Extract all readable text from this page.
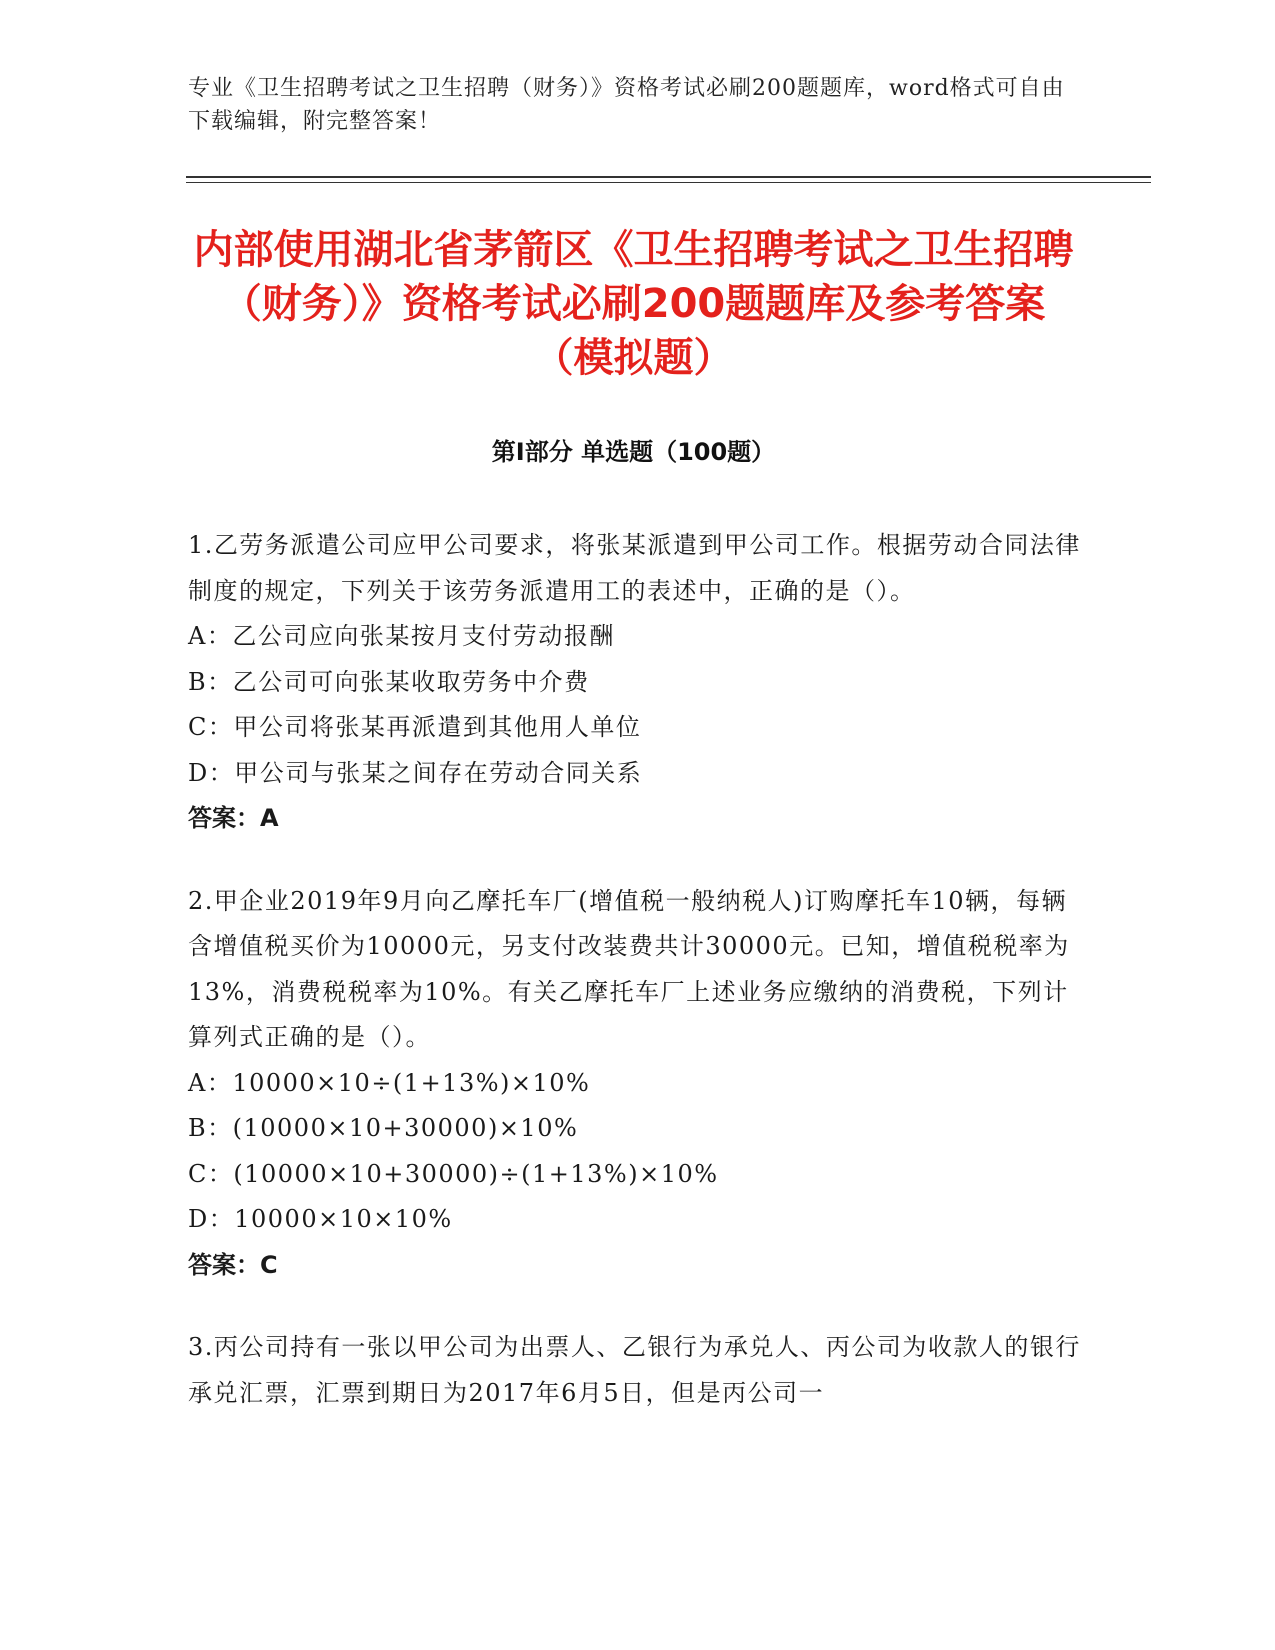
专业《卫生招聘考试之卫生招聘（财务）》资格考试必刷200题题库，word格式可自由下载编辑，附完整答案！
内部使用湖北省茅箭区《卫生招聘考试之卫生招聘（财务）》资格考试必刷200题题库及参考答案（模拟题）
第Ⅰ部分 单选题（100题）

1.乙劳务派遣公司应甲公司要求，将张某派遣到甲公司工作。根据劳动合同法律制度的规定，下列关于该劳务派遣用工的表述中，正确的是（）。

A：乙公司应向张某按月支付劳动报酬

B：乙公司可向张某收取劳务中介费

C：甲公司将张某再派遣到其他用人单位

D：甲公司与张某之间存在劳动合同关系

答案：A

2.甲企业2019年9月向乙摩托车厂(增值税一般纳税人)订购摩托车10辆，每辆含增值税买价为10000元，另支付改装费共计30000元。已知，增值税税率为13%，消费税税率为10%。有关乙摩托车厂上述业务应缴纳的消费税，下列计算列式正确的是（）。

A：10000×10÷(1+13%)×10%

B：(10000×10+30000)×10%

C：(10000×10+30000)÷(1+13%)×10%

D：10000×10×10%

答案：C

3.丙公司持有一张以甲公司为出票人、乙银行为承兑人、丙公司为收款人的银行承兑汇票，汇票到期日为2017年6月5日，但是丙公司一
